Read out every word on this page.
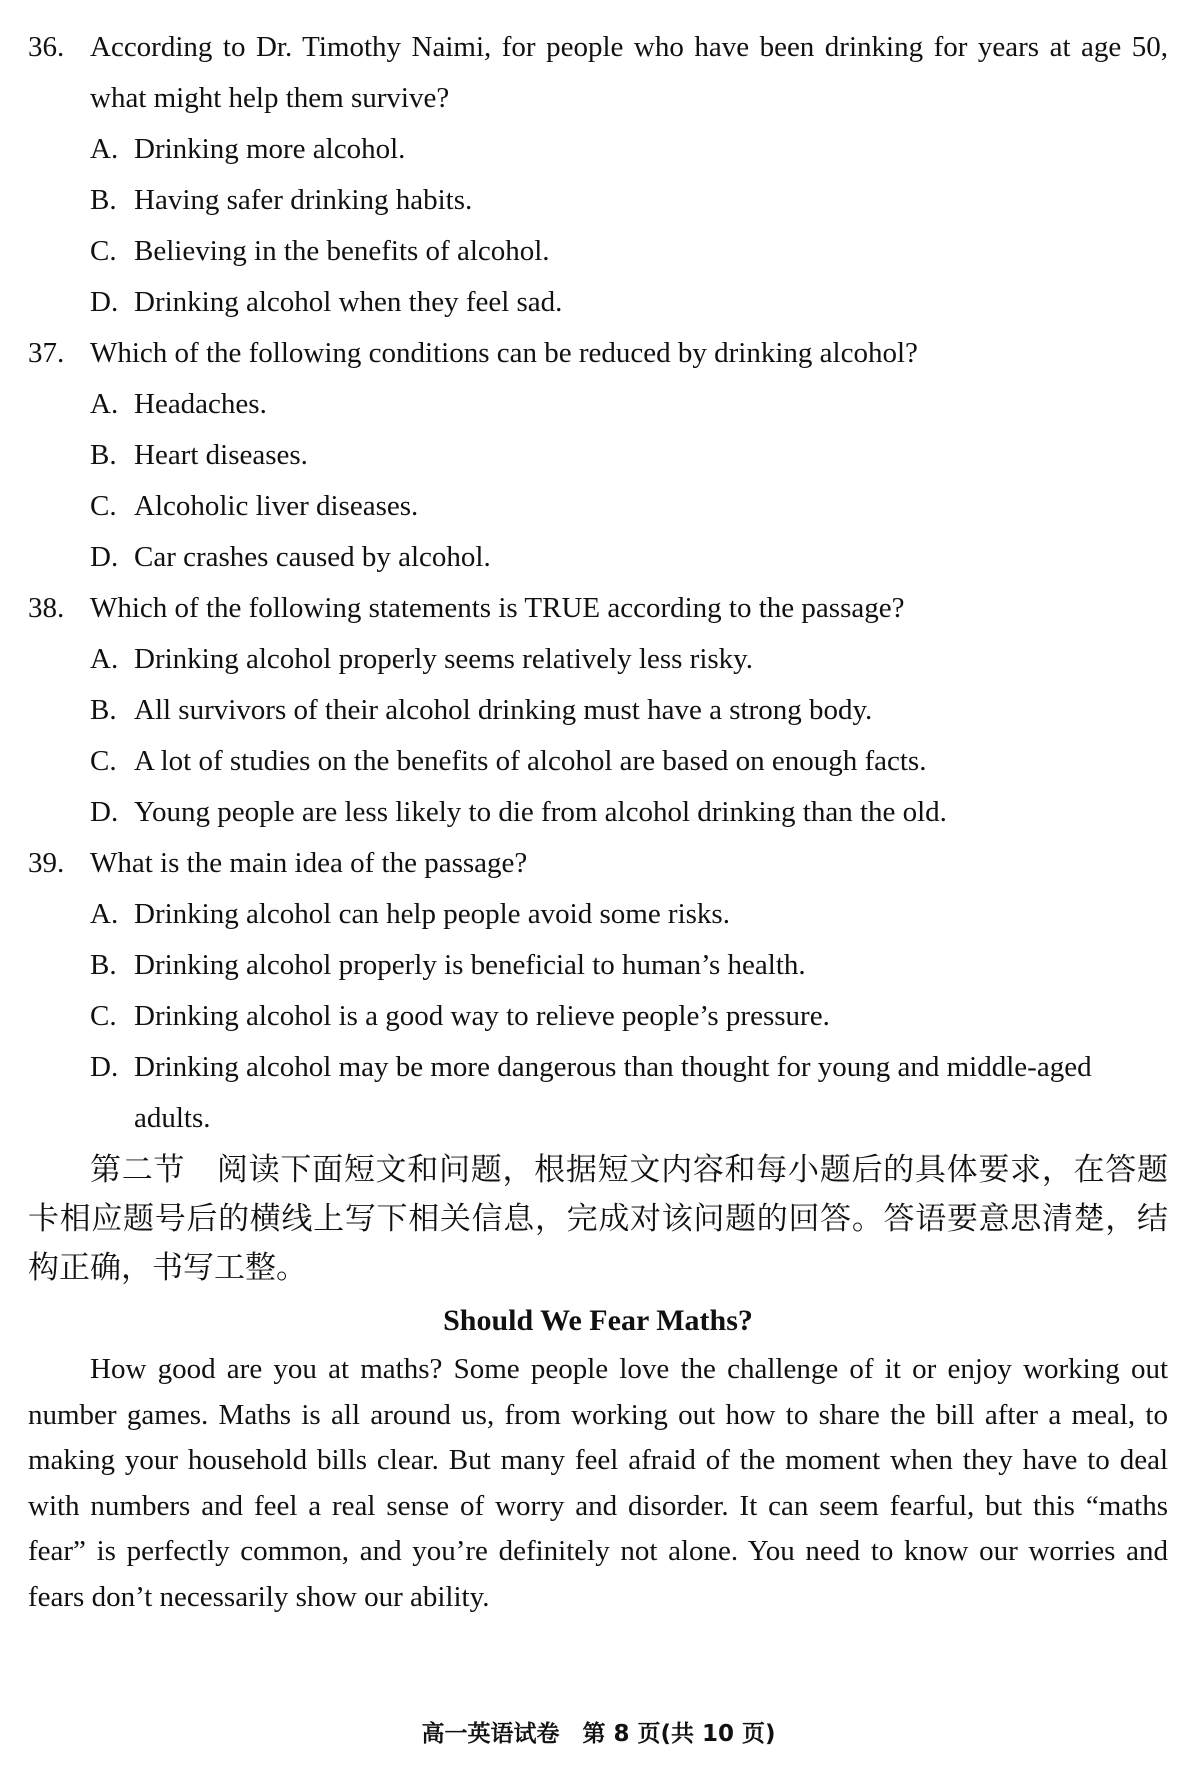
36. According to Dr. Timothy Naimi, for people who have been drinking for years at age 50, what might help them survive?
A. Drinking more alcohol.
B. Having safer drinking habits.
C. Believing in the benefits of alcohol.
D. Drinking alcohol when they feel sad.
37. Which of the following conditions can be reduced by drinking alcohol?
A. Headaches.
B. Heart diseases.
C. Alcoholic liver diseases.
D. Car crashes caused by alcohol.
38. Which of the following statements is TRUE according to the passage?
A. Drinking alcohol properly seems relatively less risky.
B. All survivors of their alcohol drinking must have a strong body.
C. A lot of studies on the benefits of alcohol are based on enough facts.
D. Young people are less likely to die from alcohol drinking than the old.
39. What is the main idea of the passage?
A. Drinking alcohol can help people avoid some risks.
B. Drinking alcohol properly is beneficial to human’s health.
C. Drinking alcohol is a good way to relieve people’s pressure.
D. Drinking alcohol may be more dangerous than thought for young and middle-aged adults.
第二节　阅读下面短文和问题，根据短文内容和每小题后的具体要求，在答题卡相应题号后的横线上写下相关信息，完成对该问题的回答。答语要意思清楚，结构正确，书写工整。
Should We Fear Maths?
How good are you at maths? Some people love the challenge of it or enjoy working out number games. Maths is all around us, from working out how to share the bill after a meal, to making your household bills clear. But many feel afraid of the moment when they have to deal with numbers and feel a real sense of worry and disorder. It can seem fearful, but this “maths fear” is perfectly common, and you’re definitely not alone. You need to know our worries and fears don’t necessarily show our ability.
高一英语试卷　第 8 页(共 10 页)
